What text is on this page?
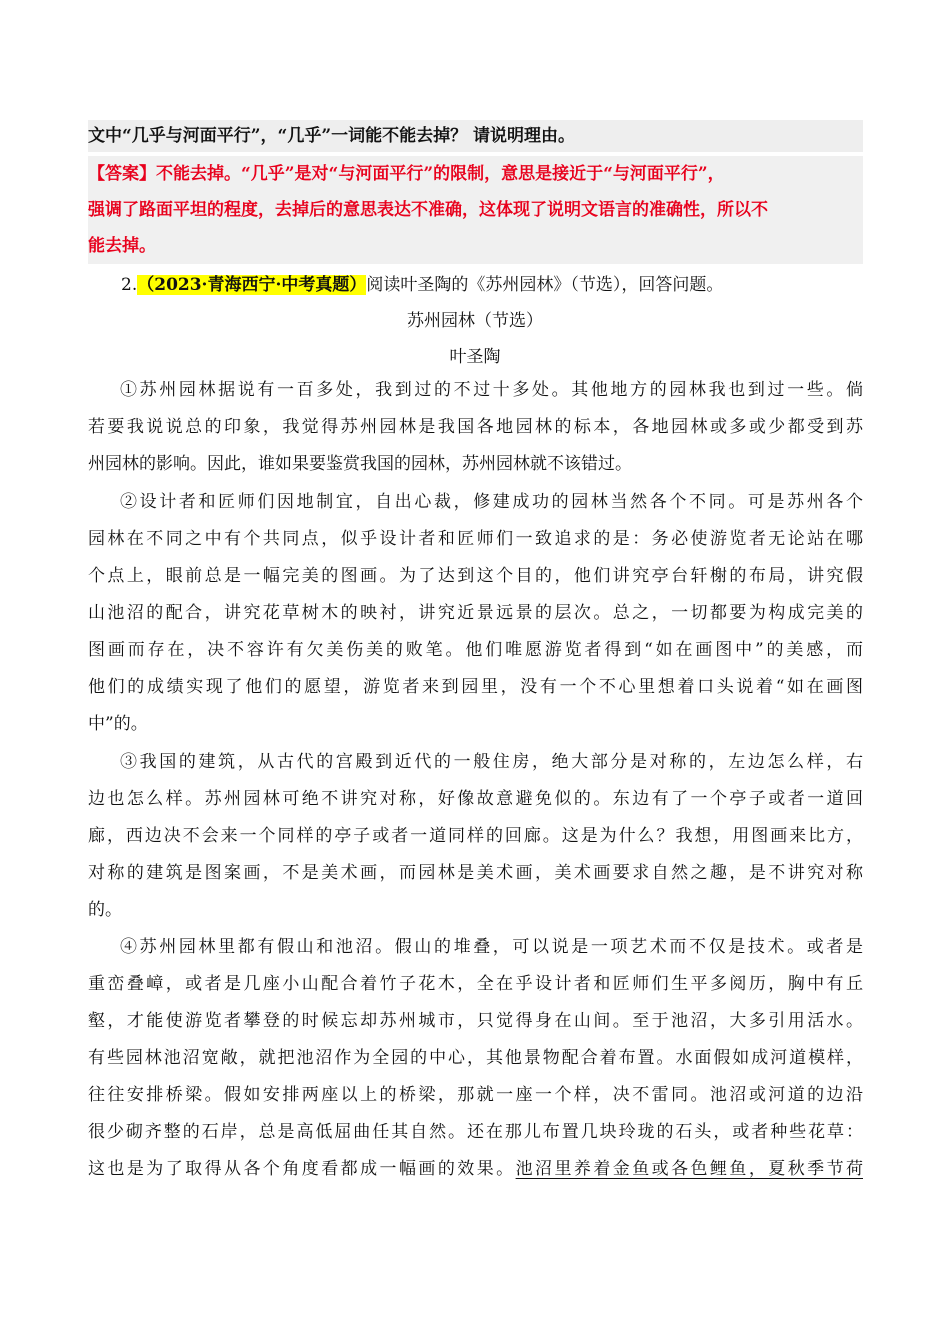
文中“几乎与河面平行”，“几乎”一词能不能去掉？ 请说明理由。
【答案】不能去掉。“几乎”是对“与河面平行”的限制，意思是接近于“与河面平行”，
强调了路面平坦的程度，去掉后的意思表达不准确，这体现了说明文语言的准确性，所以不
能去掉。
2.（2023·青海西宁·中考真题）阅读叶圣陶的《苏州园林》（节选），回答问题。
苏州园林（节选）
叶圣陶
①苏州园林据说有一百多处，我到过的不过十多处。其他地方的园林我也到过一些。倘
若要我说说总的印象，我觉得苏州园林是我国各地园林的标本，各地园林或多或少都受到苏
州园林的影响。因此，谁如果要鉴赏我国的园林，苏州园林就不该错过。
②设计者和匠师们因地制宜，自出心裁，修建成功的园林当然各个不同。可是苏州各个
园林在不同之中有个共同点，似乎设计者和匠师们一致追求的是：务必使游览者无论站在哪
个点上，眼前总是一幅完美的图画。为了达到这个目的，他们讲究亭台轩榭的布局，讲究假
山池沼的配合，讲究花草树木的映衬，讲究近景远景的层次。总之，一切都要为构成完美的
图画而存在，决不容许有欠美伤美的败笔。他们唯愿游览者得到“如在画图中”的美感，而
他们的成绩实现了他们的愿望，游览者来到园里，没有一个不心里想着口头说着“如在画图
中”的。
③我国的建筑，从古代的宫殿到近代的一般住房，绝大部分是对称的，左边怎么样，右
边也怎么样。苏州园林可绝不讲究对称，好像故意避免似的。东边有了一个亭子或者一道回
廊，西边决不会来一个同样的亭子或者一道同样的回廊。这是为什么？我想，用图画来比方，
对称的建筑是图案画，不是美术画，而园林是美术画，美术画要求自然之趣，是不讲究对称
的。
④苏州园林里都有假山和池沼。假山的堆叠，可以说是一项艺术而不仅是技术。或者是
重峦叠嶂，或者是几座小山配合着竹子花木，全在乎设计者和匠师们生平多阅历，胸中有丘
壑，才能使游览者攀登的时候忘却苏州城市，只觉得身在山间。至于池沼，大多引用活水。
有些园林池沼宽敞，就把池沼作为全园的中心，其他景物配合着布置。水面假如成河道模样，
往往安排桥梁。假如安排两座以上的桥梁，那就一座一个样，决不雷同。池沼或河道的边沿
很少砌齐整的石岸，总是高低屈曲任其自然。还在那儿布置几块玲珑的石头，或者种些花草：
这也是为了取得从各个角度看都成一幅画的效果。池沼里养着金鱼或各色鲤鱼，夏秋季节荷
